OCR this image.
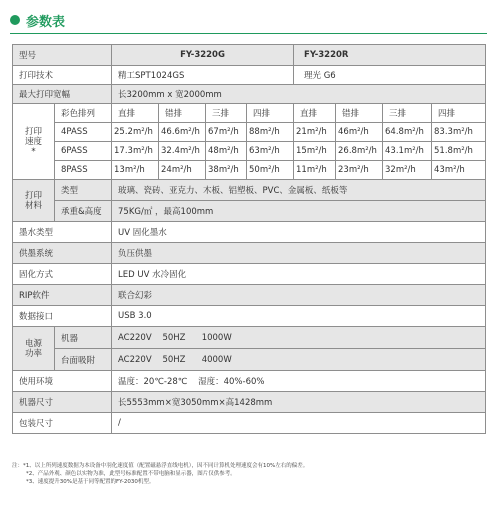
参数表
型号		FY-3220G				FY-3220R			
打印技术		精工SPT1024GS				理光 G6			
最大打印宽幅		长3200mm x 宽2000mm							

打印
速度
*	彩色排列	直排	错排	三排	四排	直排	错排	三排	四排
	4PASS	25.2m²/h	46.6m²/h	67m²/h	88m²/h	21m²/h	46m²/h	64.8m²/h	83.3m²/h
	6PASS	17.3m²/h	32.4m²/h	48m²/h	63m²/h	15m²/h	26.8m²/h	43.1m²/h	51.8m²/h
	8PASS	13m²/h	24m²/h	38m²/h	50m²/h	11m²/h	23m²/h	32m²/h	43m²/h

打印
材料	类型	玻璃、瓷砖、亚克力、木板、铝塑板、PVC、金属板、纸板等							
	承重&高度	75KG/㎡ ，最高100mm							
墨水类型		UV 固化墨水							
供墨系统		负压供墨							
固化方式		LED UV 水冷固化							
RIP软件		联合幻彩							
数据接口		USB 3.0							

电源
功率	机器	AC220V    50HZ      1000W							
	台面吸附	AC220V    50HZ      4000W							
使用环境		温度：20℃-28℃    湿度：40%-60%							
机器尺寸		长5553mm×宽3050mm×高1428mm							
包装尺寸		/							
注：*1、以上所列速度数据为本设备中羽化速度值（配置磁悬浮直线电机），因不同计算机处理速度会有10%左右的偏差。
*2、产品外观、颜色以实物为准，此型号标准配置不带电脑和显示器，图片仅供参考。
*3、速度提升30%是基于同等配置的FY-2030机型。
